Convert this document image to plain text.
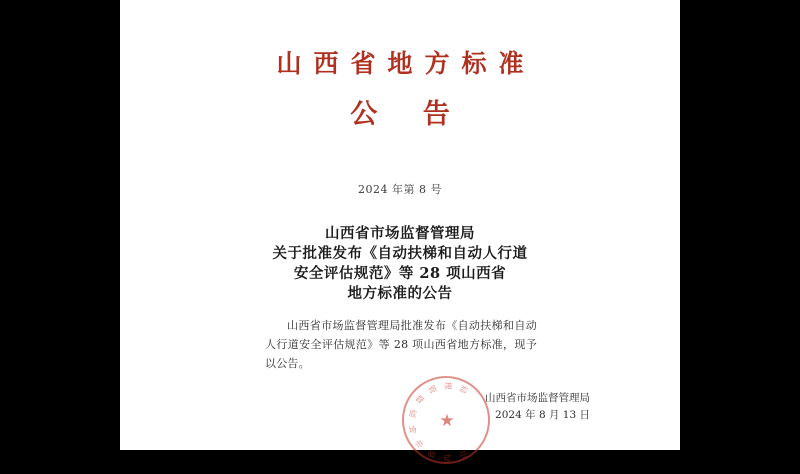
山西省地方标准
公 告
2024 年第 8 号
山西省市场监督管理局
关于批准发布《自动扶梯和自动人行道
安全评估规范》等 28 项山西省
地方标准的公告
山西省市场监督管理局批准发布《自动扶梯和自动人行道安全评估规范》等 28 项山西省地方标准，现予以公告。
山西省市场监督管理局
2024 年 8 月 13 日
山
西
省
市
场
监
督
管 理 局
★
